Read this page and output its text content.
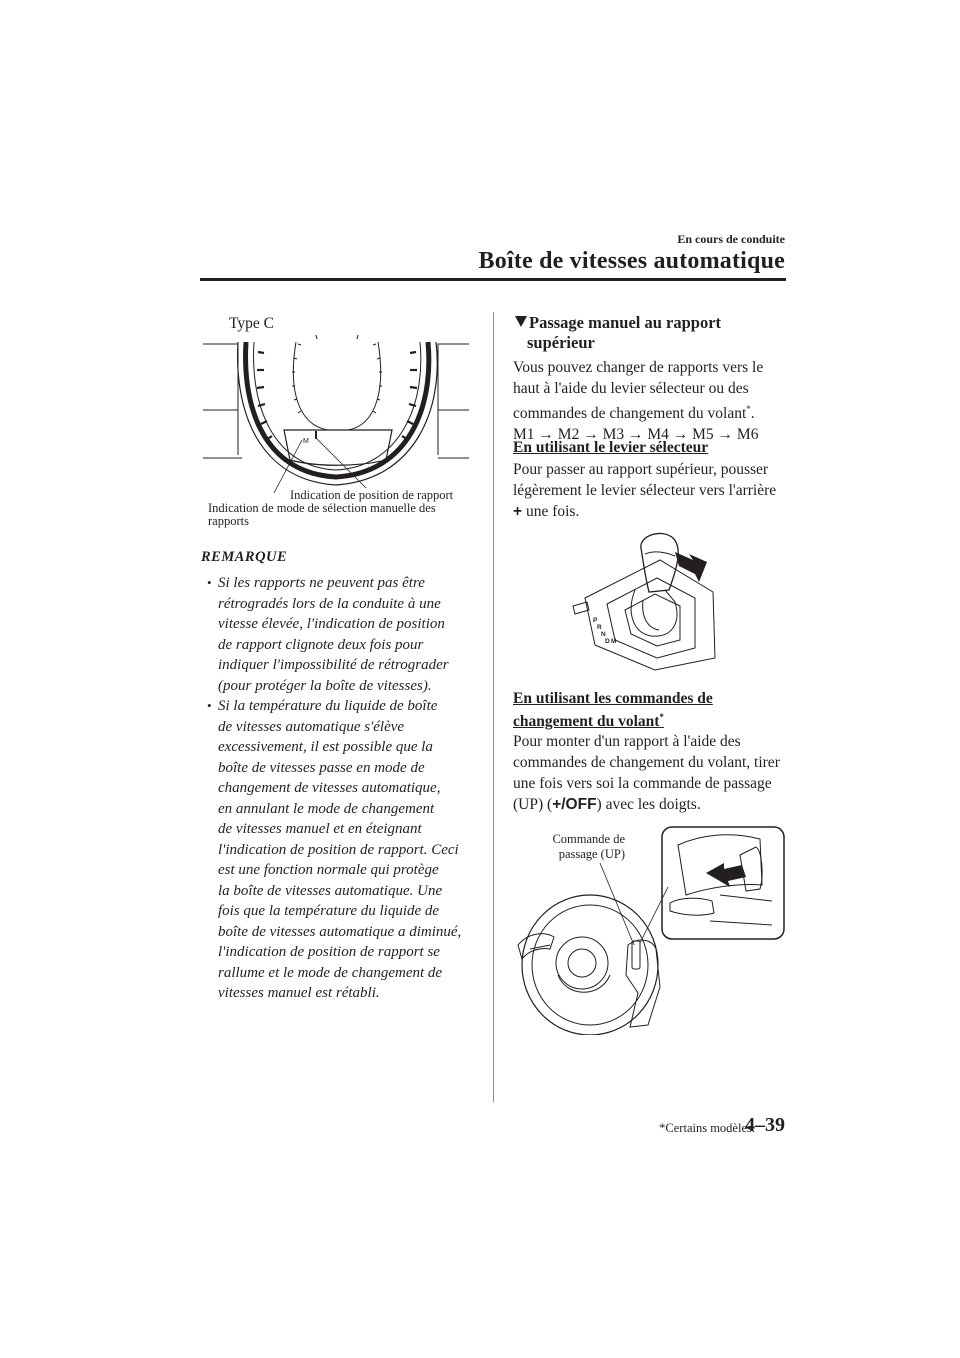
En cours de conduite
Boîte de vitesses automatique
Type C
M
Indication de position de rapport
Indication de mode de sélection manuelle des
rapports
REMARQUE
• Si les rapports ne peuvent pas être
rétrogradés lors de la conduite à une
vitesse élevée, l'indication de position
de rapport clignote deux fois pour
indiquer l'impossibilité de rétrograder
(pour protéger la boîte de vitesses).
• Si la température du liquide de boîte
de vitesses automatique s'élève
excessivement, il est possible que la
boîte de vitesses passe en mode de
changement de vitesses automatique,
en annulant le mode de changement
de vitesses manuel et en éteignant
l'indication de position de rapport. Ceci
est une fonction normale qui protège
la boîte de vitesses automatique. Une
fois que la température du liquide de
boîte de vitesses automatique a diminué,
l'indication de position de rapport se
rallume et le mode de changement de
vitesses manuel est rétabli.
Passage manuel au rapport
supérieur
Vous pouvez changer de rapports vers le
haut à l'aide du levier sélecteur ou des
commandes de changement du volant*.
M1 → M2 → M3 → M4 → M5 → M6
En utilisant le levier sélecteur
Pour passer au rapport supérieur, pousser
légèrement le levier sélecteur vers l'arrière
+ une fois.
P
R
N
D M
En utilisant les commandes de
changement du volant*
Pour monter d'un rapport à l'aide des
commandes de changement du volant, tirer
une fois vers soi la commande de passage
(UP) (+/OFF) avec les doigts.
Commande de
passage (UP)
*Certains modèles.
4–39
